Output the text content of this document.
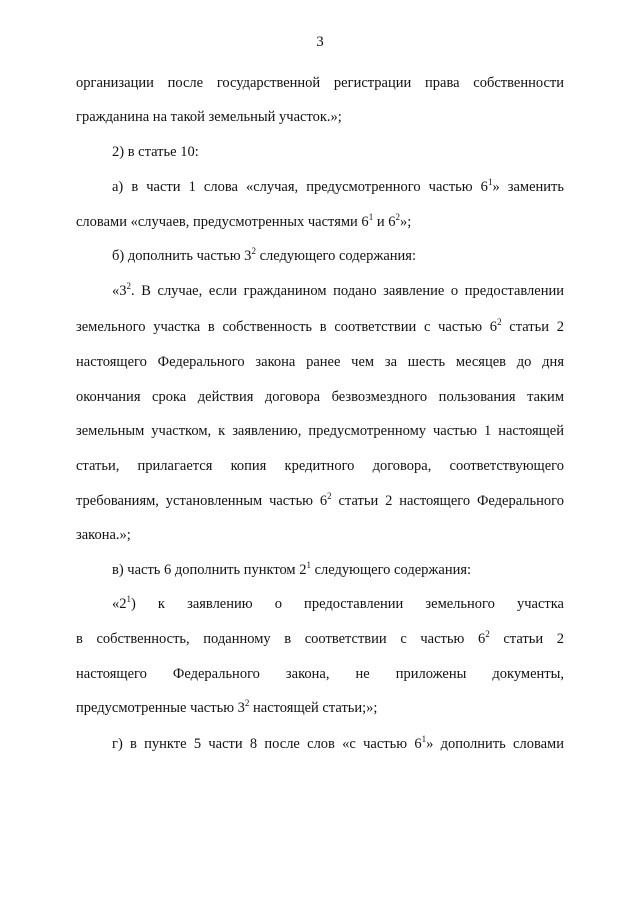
3
организации после государственной регистрации права собственности
гражданина на такой земельный участок.»;
2) в статье 10:
а) в части 1 слова «случая, предусмотренного частью $6^1$» заменить
словами «случаев, предусмотренных частями $6^1$ и $6^2$»;
б) дополнить частью $3^2$ следующего содержания:
«$3^2$. В случае, если гражданином подано заявление о предоставлении
земельного участка в собственность в соответствии с частью $6^2$ статьи 2
настоящего Федерального закона ранее чем за шесть месяцев до дня
окончания срока действия договора безвозмездного пользования таким
земельным участком, к заявлению, предусмотренному частью 1 настоящей
статьи, прилагается копия кредитного договора, соответствующего
требованиям, установленным частью $6^2$ статьи 2 настоящего Федерального
закона.»;
в) часть 6 дополнить пунктом $2^1$ следующего содержания:
«$2^1$) к заявлению о предоставлении земельного участка
в собственность, поданному в соответствии с частью $6^2$ статьи 2
настоящего Федерального закона, не приложены документы,
предусмотренные частью $3^2$ настоящей статьи;»;
г) в пункте 5 части 8 после слов «с частью $6^1$» дополнить словами
